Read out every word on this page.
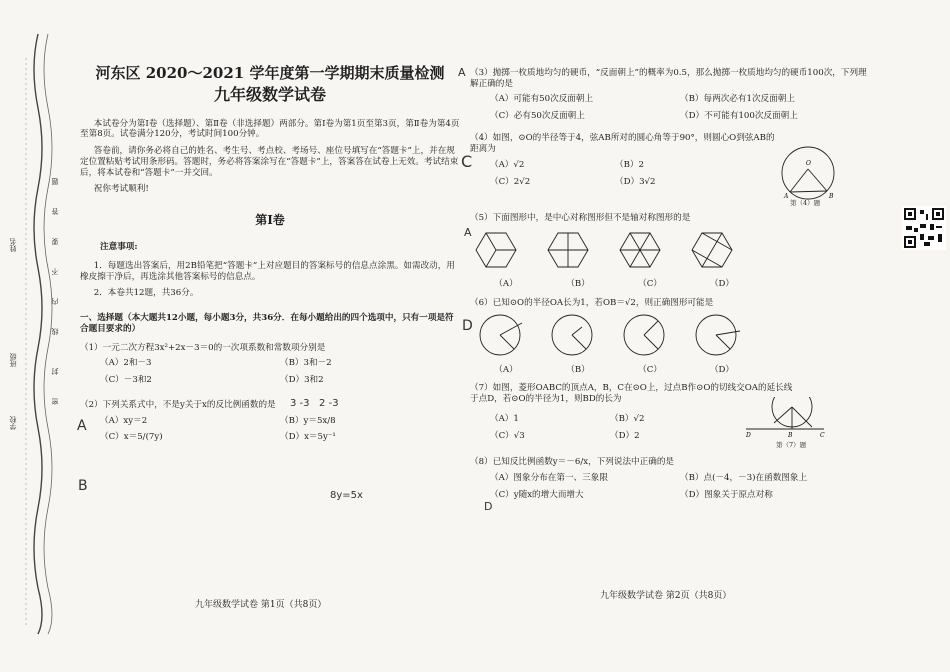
姓名
班级
学校
密
封
线
内
不
要
答
题
河东区 2020～2021 学年度第一学期期末质量检测
九年级数学试卷

本试卷分为第Ⅰ卷（选择题）、第Ⅱ卷（非选择题）两部分。第Ⅰ卷为第1页至第3页，第Ⅱ卷为第4页至第8页。试卷满分120分，考试时间100分钟。

答卷前，请你务必将自己的姓名、考生号、考点校、考场号、座位号填写在“答题卡”上，并在规定位置粘贴考试用条形码。答题时，务必将答案涂写在“答题卡”上，答案答在试卷上无效。考试结束后，将本试卷和“答题卡”一并交回。

祝你考试顺利!

第Ⅰ卷
注意事项:

1．每题选出答案后，用2B铅笔把“答题卡”上对应题目的答案标号的信息点涂黑。如需改动，用橡皮擦干净后，再选涂其他答案标号的信息点。

2．本卷共12题，共36分。

一、选择题（本大题共12小题，每小题3分，共36分．在每小题给出的四个选项中，只有一项是符合题目要求的）

（1）一元二次方程3x²+2x－3＝0的一次项系数和常数项分别是

（A）2和－3	（B）3和－2
（C）－3和2	（D）3和2

（2）下列关系式中，不是y关于x的反比例函数的是

（A）xy＝2	（B）y＝5x/8
（C）x＝5/(7y)	（D）x＝5y⁻¹
九年级数学试卷 第1页（共8页）

（3）抛掷一枚质地均匀的硬币，“反面朝上”的概率为0.5，那么抛掷一枚质地均匀的硬币100次，下列理解正确的是

（A）可能有50次反面朝上	（B）每两次必有1次反面朝上
（C）必有50次反面朝上	（D）不可能有100次反面朝上

（4）如图，⊙O的半径等于4，弦AB所对的圆心角等于90°，则圆心O到弦AB的距离为

（A）√2	（B）2
（C）2√2	（D）3√2
O
A	B
第（4）题

（5）下面图形中，是中心对称图形但不是轴对称图形的是

（A）	（B）	（C）	（D）

（6）已知⊙O的半径OA长为1，若OB＝√2，则正确图形可能是

（A）	（B）	（C）	（D）

（7）如图，菱形OABC的顶点A，B，C在⊙O上，过点B作⊙O的切线交OA的延长线于点D，若⊙O的半径为1，则BD的长为

（A）1	（B）√2
（C）√3	（D）2	D	B	C
第（7）题

（8）已知反比例函数y＝－6/x，下列说法中正确的是

（A）图象分布在第一、三象限	（B）点(－4，－3)在函数图象上
（C）y随x的增大而增大	（D）图象关于原点对称
九年级数学试卷 第2页（共8页）
A
C
A
D
D
A
B
3 -3   2 -3
8y=5x
